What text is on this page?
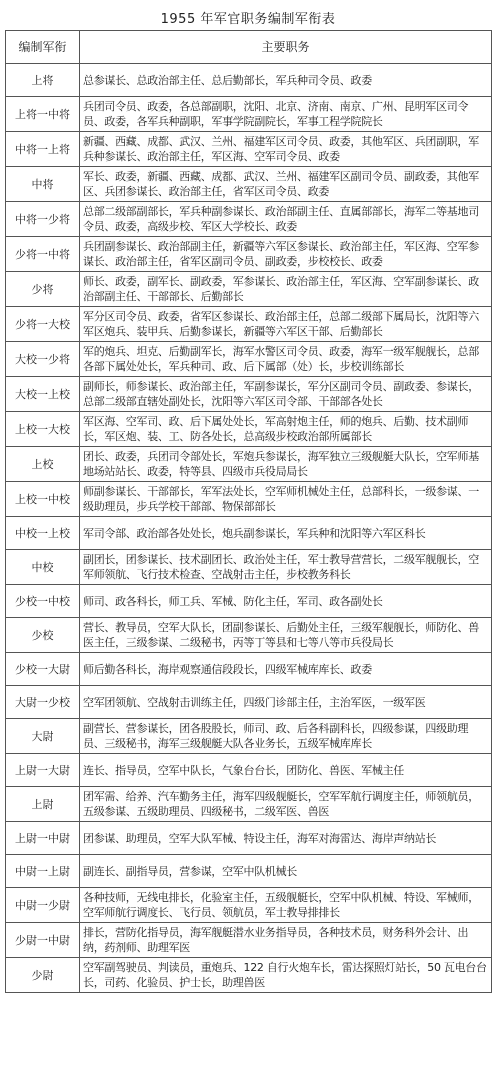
1955 年军官职务编制军衔表
编制军衔	主要职务
上将	总参谋长、总政治部主任、总后勤部长，军兵种司令员、政委
上将一中将	兵团司令员、政委，各总部副职，沈阳、北京、济南、南京、广州、昆明军区司令员、政委，各军兵种副职，军事学院副院长，军事工程学院院长
中将一上将	新疆、西藏、成都、武汉、兰州、福建军区司令员、政委，其他军区、兵团副职，军兵种参谋长、政治部主任，军区海、空军司令员、政委
中将	军长、政委，新疆、西藏、成都、武汉、兰州、福建军区副司令员、副政委，其他军区、兵团参谋长、政治部主任，省军区司令员、政委
中将一少将	总部二级部副部长，军兵种副参谋长、政治部副主任、直属部部长，海军二等基地司令员、政委，高级步校、军区大学校长、政委
少将一中将	兵团副参谋长、政治部副主任，新疆等六军区参谋长、政治部主任，军区海、空军参谋长、政治部主任，省军区副司令员、副政委，步校校长、政委
少将	师长、政委，副军长、副政委，军参谋长、政治部主任，军区海、空军副参谋长、政治部副主任、干部部长、后勤部长
少将一大校	军分区司令员、政委，省军区参谋长、政治部主任，总部二级部下属局长，沈阳等六军区炮兵、装甲兵、后勤参谋长，新疆等六军区干部、后勤部长
大校一少将	军的炮兵、坦克、后勤副军长，海军水警区司令员、政委，海军一级军舰舰长，总部各部下属处处长，军兵种司、政、后下属部（处）长，步校训练部长
大校一上校	副师长，师参谋长、政治部主任，军副参谋长，军分区副司令员、副政委、参谋长，总部二级部直辖处副处长，沈阳等六军区司令部、干部部各处长
上校一大校	军区海、空军司、政、后下属处处长，军高射炮主任，师的炮兵、后勤、技术副师长，军区炮、装、工、防各处长，总高级步校政治部所属部长
上校	团长、政委，兵团司令部处长，军炮兵参谋长，海军独立三级舰艇大队长，空军师基地场站站长、政委，特等县、四级市兵役局局长
上校一中校	师副参谋长、干部部长，军军法处长，空军师机械处主任，总部科长，一级参谋、一级助理员，步兵学校干部部、物保部部长
中校一上校	军司令部、政治部各处处长，炮兵副参谋长，军兵种和沈阳等六军区科长
中校	副团长，团参谋长、技术副团长、政治处主任，军士教导营营长，二级军舰舰长，空军师领航、飞行技术检查、空战射击主任，步校教务科长
少校一中校	师司、政各科长，师工兵、军械、防化主任，军司、政各副处长
少校	营长、教导员，空军大队长，团副参谋长、后勤处主任，三级军舰舰长，师防化、兽医主任，三级参谋、二级秘书，丙等丁等县和七等八等市兵役局长
少校一大尉	师后勤各科长，海岸观察通信段段长，四级军械库库长、政委
大尉一少校	空军团领航、空战射击训练主任，四级门诊部主任，主治军医，一级军医
大尉	副营长、营参谋长，团各股股长，师司、政、后各科副科长，四级参谋，四级助理员、三级秘书，海军三级舰艇大队各业务长，五级军械库库长
上尉一大尉	连长、指导员，空军中队长，气象台台长，团防化、兽医、军械主任
上尉	团军需、给养、汽车勤务主任，海军四级舰艇长，空军军航行调度主任，师领航员，五级参谋、五级助理员、四级秘书，二级军医、兽医
上尉一中尉	团参谋、助理员，空军大队军械、特设主任，海军对海雷达、海岸声纳站长
中尉一上尉	副连长、副指导员，营参谋，空军中队机械长
中尉一少尉	各种技师，无线电排长，化验室主任，五级舰艇长，空军中队机械、特设、军械师，空军师航行调度长、飞行员、领航员，军士教导排排长
少尉一中尉	排长，营防化指导员，海军舰艇潜水业务指导员，各种技术员，财务科外会计、出纳，药剂师、助理军医
少尉	空军副驾驶员、判读员，重炮兵、122 自行火炮车长，雷达探照灯站长，50 瓦电台台长，司药、化验员、护士长，助理兽医
